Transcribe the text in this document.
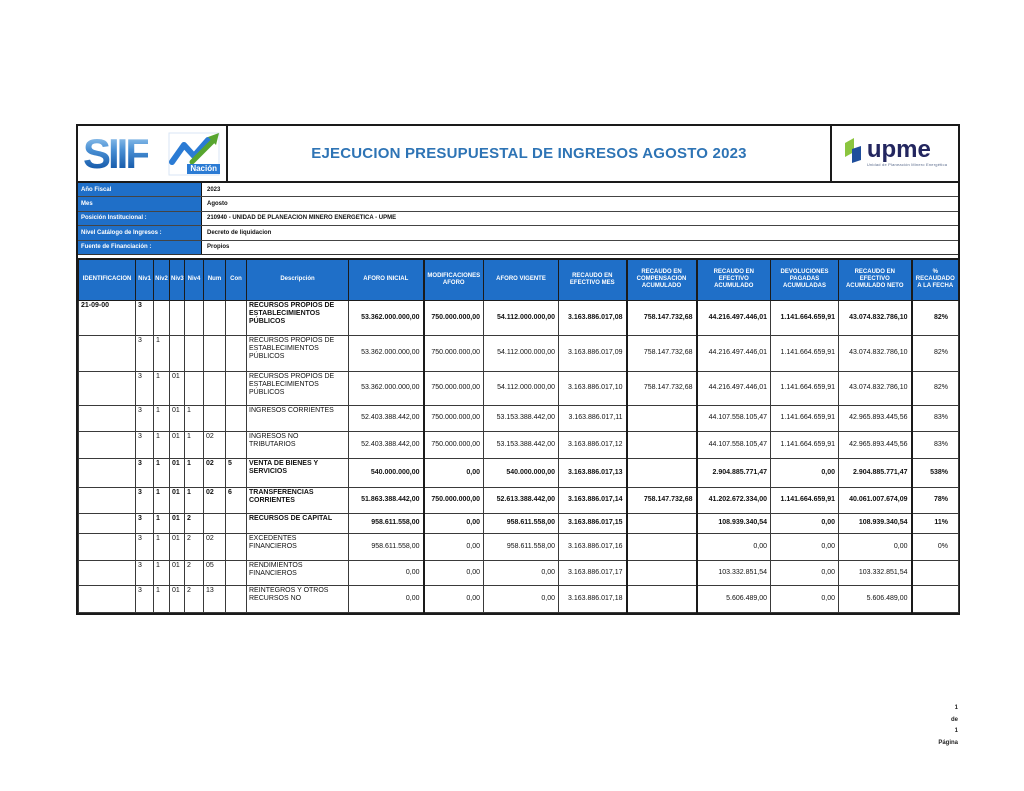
SIIF	Nación
EJECUCION PRESUPUESTAL DE INGRESOS AGOSTO 2023	upme
Unidad de Planeación Minero Energética
Año Fiscal	2023
Mes	Agosto
Posición Institucional :	210940 - UNIDAD DE PLANEACION MINERO ENERGETICA - UPME
Nivel Catálogo de Ingresos :	Decreto de liquidacion
Fuente de Financiación :	Propios
IDENTIFICACION	Niv1	Niv2	Niv3	Niv4	Num	Con	Descripción	AFORO INICIAL	MODIFICACIONES AFORO	AFORO VIGENTE	RECAUDO EN EFECTIVO MES	RECAUDO EN COMPENSACION ACUMULADO	RECAUDO EN EFECTIVO ACUMULADO	DEVOLUCIONES PAGADAS ACUMULADAS	RECAUDO EN EFECTIVO ACUMULADO NETO	% RECAUDADO A LA FECHA
21-09-00	3						RECURSOS PROPIOS DE ESTABLECIMIENTOS PÚBLICOS	53.362.000.000,00	750.000.000,00	54.112.000.000,00	3.163.886.017,08	758.147.732,68	44.216.497.446,01	1.141.664.659,91	43.074.832.786,10	82%
	3	1					RECURSOS PROPIOS DE ESTABLECIMIENTOS PÚBLICOS	53.362.000.000,00	750.000.000,00	54.112.000.000,00	3.163.886.017,09	758.147.732,68	44.216.497.446,01	1.141.664.659,91	43.074.832.786,10	82%
	3	1	01				RECURSOS PROPIOS DE ESTABLECIMIENTOS PÚBLICOS	53.362.000.000,00	750.000.000,00	54.112.000.000,00	3.163.886.017,10	758.147.732,68	44.216.497.446,01	1.141.664.659,91	43.074.832.786,10	82%
	3	1	01	1			INGRESOS CORRIENTES	52.403.388.442,00	750.000.000,00	53.153.388.442,00	3.163.886.017,11		44.107.558.105,47	1.141.664.659,91	42.965.893.445,56	83%
	3	1	01	1	02		INGRESOS NO TRIBUTARIOS	52.403.388.442,00	750.000.000,00	53.153.388.442,00	3.163.886.017,12		44.107.558.105,47	1.141.664.659,91	42.965.893.445,56	83%
	3	1	01	1	02	5	VENTA DE BIENES Y SERVICIOS	540.000.000,00	0,00	540.000.000,00	3.163.886.017,13		2.904.885.771,47	0,00	2.904.885.771,47	538%
	3	1	01	1	02	6	TRANSFERENCIAS CORRIENTES	51.863.388.442,00	750.000.000,00	52.613.388.442,00	3.163.886.017,14	758.147.732,68	41.202.672.334,00	1.141.664.659,91	40.061.007.674,09	78%
	3	1	01	2			RECURSOS DE CAPITAL	958.611.558,00	0,00	958.611.558,00	3.163.886.017,15		108.939.340,54	0,00	108.939.340,54	11%
	3	1	01	2	02		EXCEDENTES FINANCIEROS	958.611.558,00	0,00	958.611.558,00	3.163.886.017,16		0,00	0,00	0,00	0%
	3	1	01	2	05		RENDIMIENTOS FINANCIEROS	0,00	0,00	0,00	3.163.886.017,17		103.332.851,54	0,00	103.332.851,54	
	3	1	01	2	13		REINTEGROS Y OTROS RECURSOS NO	0,00	0,00	0,00	3.163.886.017,18		5.606.489,00	0,00	5.606.489,00	
1
de
1
Página
